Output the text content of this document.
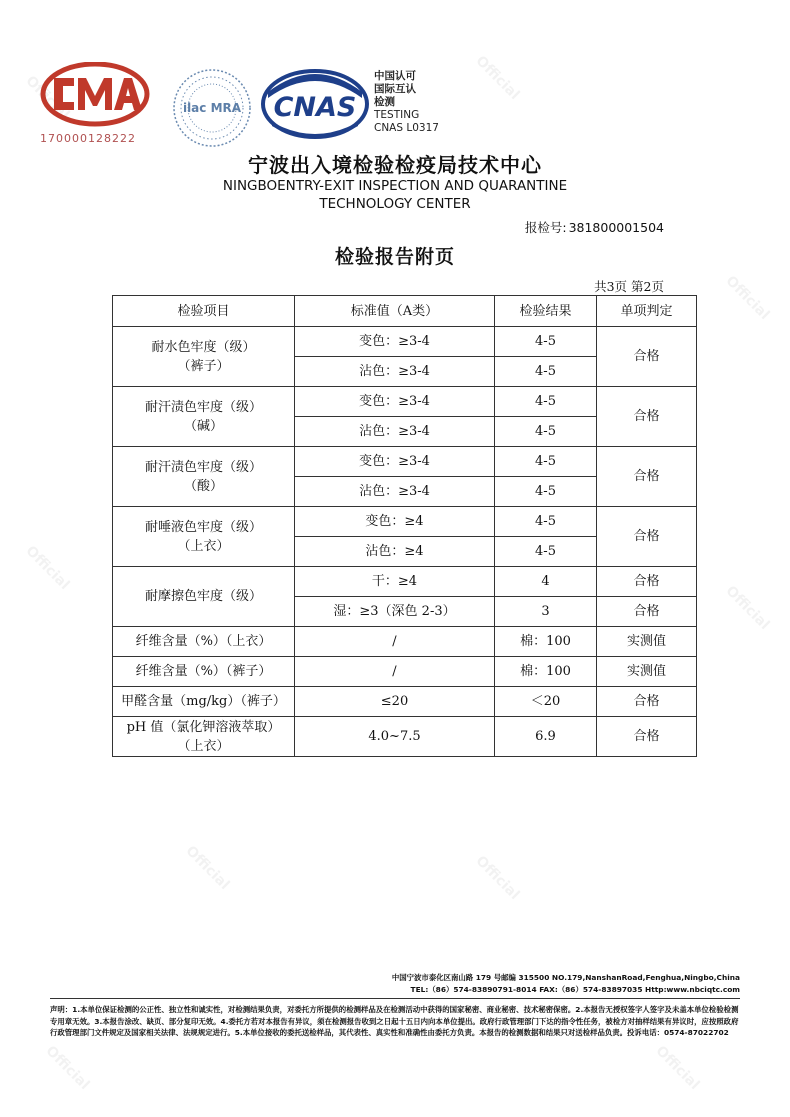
Official	Official
Official
Official
Official
Official	Official
Official	Official
170000128222
ilac MRA CNAS
中国认可
国际互认
检测
TESTING
CNAS L0317
宁波出入境检验检疫局技术中心
NINGBOENTRY-EXIT INSPECTION AND QUARANTINE
TECHNOLOGY CENTER
报检号: 381800001504
检验报告附页
共3页 第2页
检验项目	标准值（A类）	检验结果	单项判定

耐水色牢度（级）
（裤子）	变色：≥3-4	4-5	合格
	沾色：≥3-4	4-5	

耐汗渍色牢度（级）
（碱）	变色：≥3-4	4-5	合格
	沾色：≥3-4	4-5	

耐汗渍色牢度（级）
（酸）	变色：≥3-4	4-5	合格
	沾色：≥3-4	4-5	

耐唾液色牢度（级）
（上衣）	变色：≥4	4-5	合格
	沾色：≥4	4-5	
耐摩擦色牢度（级）	干：≥4	4	合格
	湿：≥3（深色 2-3）	3	合格
纤维含量（%）（上衣）	/	棉：100	实测值
纤维含量（%）（裤子）	/	棉：100	实测值
甲醛含量（mg/kg）（裤子）	≤20	＜20	合格

pH 值（氯化钾溶液萃取）
（上衣）	4.0~7.5	6.9	合格
中国宁波市泰化区南山路 179 号邮编 315500 NO.179,NanshanRoad,Fenghua,Ningbo,China
TEL:（86）574-83890791-8014 FAX:（86）574-83897035 Http:www.nbciqtc.com
声明：1.本单位保证检测的公正性、独立性和诚实性，对检测结果负责，对委托方所提供的检测样品及在检测活动中获得的国家秘密、商业秘密、技术秘密保密。2.本报告无授权签字人签字及未盖本单位检验检测专用章无效。3.本报告涂改、缺页、部分复印无效。4.委托方若对本报告有异议，须在检测报告收到之日起十五日内向本单位提出。政府行政管理部门下达的指令性任务，被检方对抽样结果有异议时，应按照政府行政管理部门文件规定及国家相关法律、法规规定进行。5.本单位接收的委托送检样品，其代表性、真实性和准确性由委托方负责。本报告的检测数据和结果只对送检样品负责。投诉电话：0574-87022702
